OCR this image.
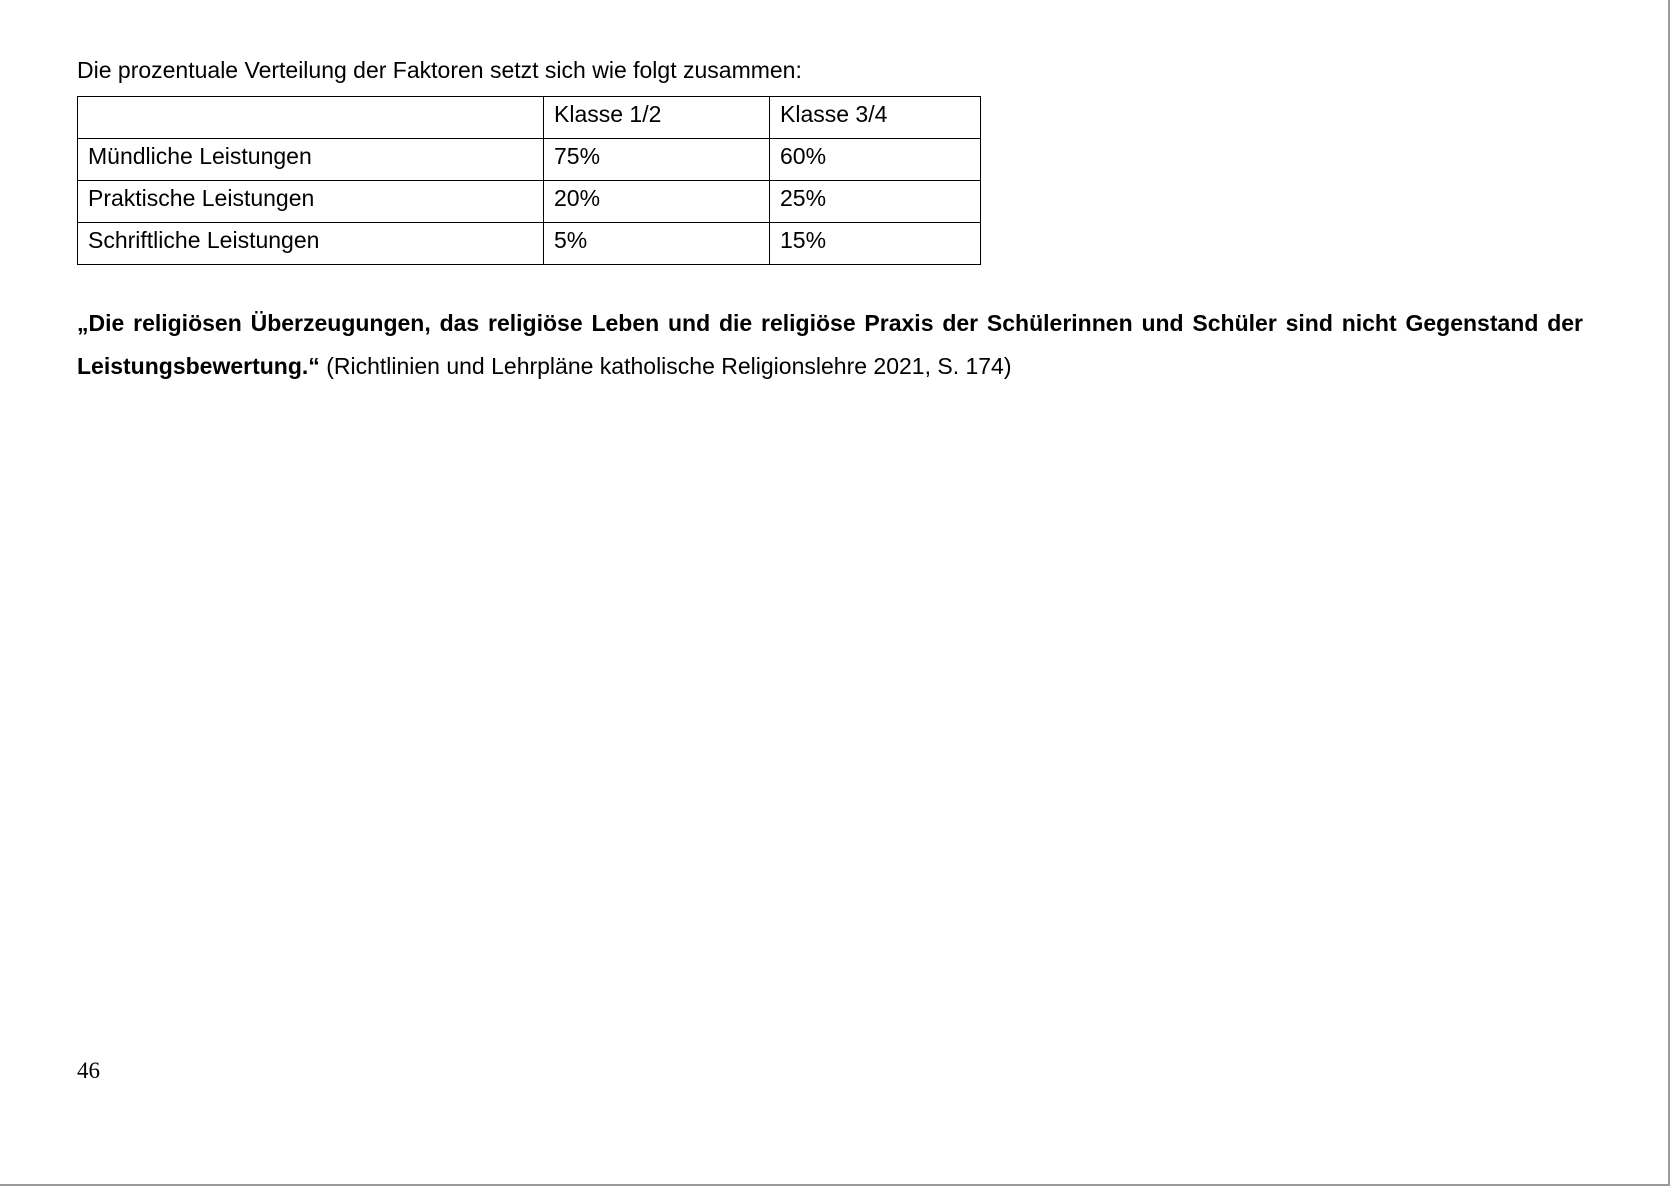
Die prozentuale Verteilung der Faktoren setzt sich wie folgt zusammen:

	Klasse 1/2	Klasse 3/4
Mündliche Leistungen	75%	60%
Praktische Leistungen	20%	25%
Schriftliche Leistungen	5%	15%

„Die religiösen Überzeugungen, das religiöse Leben und die religiöse Praxis der Schülerinnen und Schüler sind nicht Gegenstand der Leistungsbewertung.“ (Richtlinien und Lehrpläne katholische Religionslehre 2021, S. 174)

46
